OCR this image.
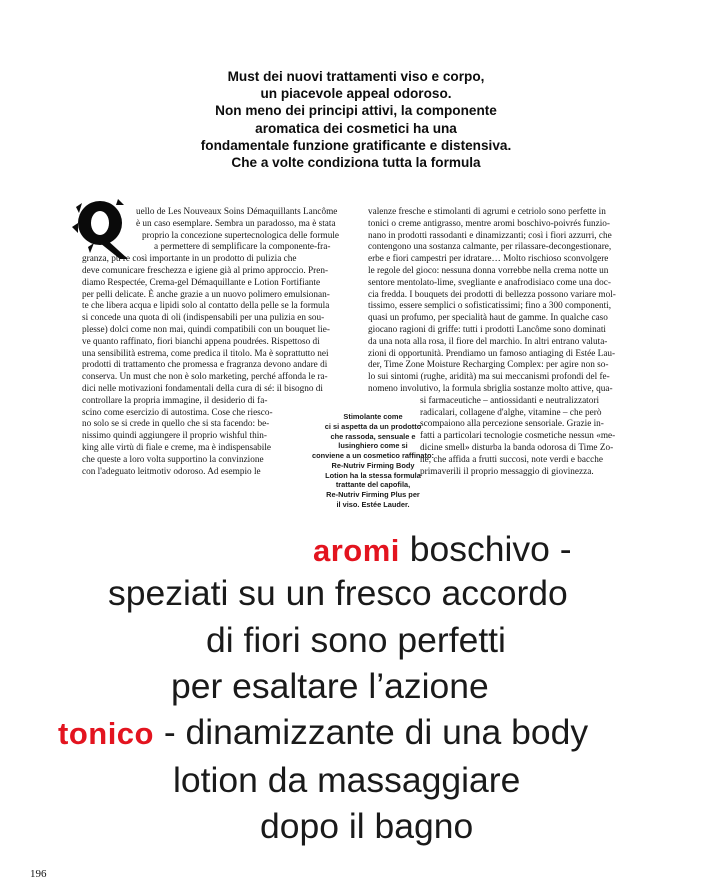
Must dei nuovi trattamenti viso e corpo,
un piacevole appeal odoroso.
Non meno dei principi attivi, la componente
aromatica dei cosmetici ha una
fondamentale funzione gratificante e distensiva.
Che a volte condiziona tutta la formula
Q
uello de Les Nouveaux Soins Démaquillants Lancôme
è un caso esemplare. Sembra un paradosso, ma è stata
proprio la concezione supertecnologica delle formule
a permettere di semplificare la componente-fra-
granza, pu re così importante in un prodotto di pulizia che
deve comunicare freschezza e igiene già al primo approccio. Pren-
diamo Respectée, Crema-gel Démaquillante e Lotion Fortifiante
per pelli delicate. È anche grazie a un nuovo polimero emulsionan-
te che libera acqua e lipidi solo al contatto della pelle se la formula
si concede una quota di oli (indispensabili per una pulizia en sou-
plesse) dolci come non mai, quindi compatibili con un bouquet lie-
ve quanto raffinato, fiori bianchi appena poudrées. Rispettoso di
una sensibilità estrema, come predica il titolo. Ma è soprattutto nei
prodotti di trattamento che promessa e fragranza devono andare di
conserva. Un must che non è solo marketing, perché affonda le ra-
dici nelle motivazioni fondamentali della cura di sé: il bisogno di
controllare la propria immagine, il desiderio di fa-
scino come esercizio di autostima. Cose che riesco-
no solo se si crede in quello che si sta facendo: be-
nissimo quindi aggiungere il proprio wishful thin-
king alle virtù di fiale e creme, ma è indispensabile
che queste a loro volta supportino la convinzione
con l'adeguato leitmotiv odoroso. Ad esempio le
valenze fresche e stimolanti di agrumi e cetriolo sono perfette in
tonici o creme antigrasso, mentre aromi boschivo-poivrés funzio-
nano in prodotti rassodanti e dinamizzanti; così i fiori azzurri, che
contengono una sostanza calmante, per rilassare-decongestionare,
erbe e fiori campestri per idratare… Molto rischioso sconvolgere
le regole del gioco: nessuna donna vorrebbe nella crema notte un
sentore mentolato-lime, svegliante e anafrodisiaco come una doc-
cia fredda. I bouquets dei prodotti di bellezza possono variare mol-
tissimo, essere semplici o sofisticatissimi; fino a 300 componenti,
quasi un profumo, per specialità haut de gamme. In qualche caso
giocano ragioni di griffe: tutti i prodotti Lancôme sono dominati
da una nota alla rosa, il fiore del marchio. In altri entrano valuta-
zioni di opportunità. Prendiamo un famoso antiaging di Estée Lau-
der, Time Zone Moisture Recharging Complex: per agire non so-
lo sui sintomi (rughe, aridità) ma sui meccanismi profondi del fe-
nomeno involutivo, la formula sbriglia sostanze molto attive, qua-
si farmaceutiche – antiossidanti e neutralizzatori
radicalari, collagene d'alghe, vitamine – che però
scompaiono alla percezione sensoriale. Grazie in-
fatti a particolari tecnologie cosmetiche nessun «me-
dicine smell» disturba la banda odorosa di Time Zo-
ne, che affida a frutti succosi, note verdi e bacche
primaverili il proprio messaggio di giovinezza.
Stimolante come
ci si aspetta da un prodotto
che rassoda, sensuale e
lusinghiero come si
conviene a un cosmetico raffinato:
Re-Nutriv Firming Body
Lotion ha la stessa formula
trattante del capofila,
Re-Nutriv Firming Plus per
il viso. Estée Lauder.
aromi boschivo -
speziati su un fresco accordo
di fiori sono perfetti
per esaltare l’azione
tonico - dinamizzante di una body
lotion da massaggiare
dopo il bagno
196
